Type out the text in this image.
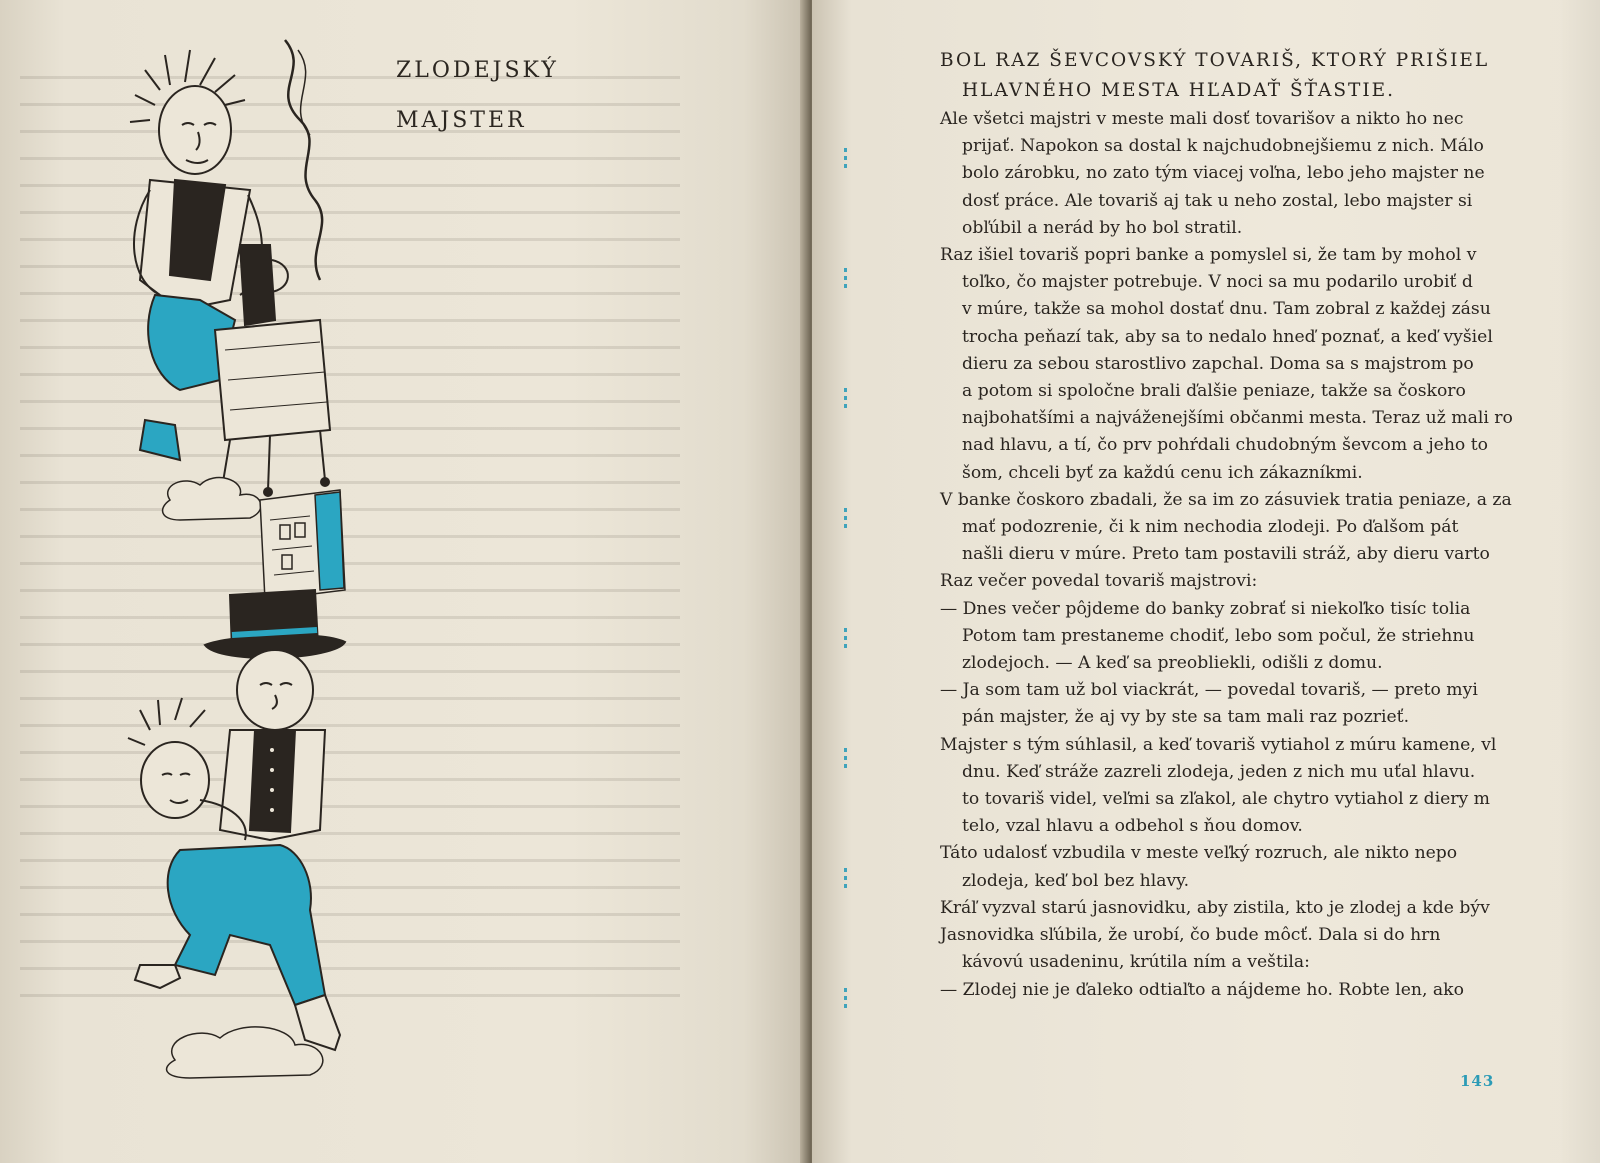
ZLODEJSKÝ
MAJSTER
BOL RAZ ŠEVCOVSKÝ TOVARIŠ, KTORÝ PRIŠIEL
HLAVNÉHO MESTA HĽADAŤ ŠŤASTIE.

Ale všetci majstri v meste mali dosť tovarišov a nikto ho nec
prijať. Napokon sa dostal k najchudobnejšiemu z nich. Málo
bolo zárobku, no zato tým viacej voľna, lebo jeho majster ne
dosť práce. Ale tovariš aj tak u neho zostal, lebo majster si
obľúbil a nerád by ho bol stratil.

Raz išiel tovariš popri banke a pomyslel si, že tam by mohol v
toľko, čo majster potrebuje. V noci sa mu podarilo urobiť d
v múre, takže sa mohol dostať dnu. Tam zobral z každej zásu
trocha peňazí tak, aby sa to nedalo hneď poznať, a keď vyšiel
dieru za sebou starostlivo zapchal. Doma sa s majstrom po
a potom si spoločne brali ďalšie peniaze, takže sa čoskoro
najbohatšími a najváženejšími občanmi mesta. Teraz už mali ro
nad hlavu, a tí, čo prv pohŕdali chudobným ševcom a jeho to
šom, chceli byť za každú cenu ich zákazníkmi.

V banke čoskoro zbadali, že sa im zo zásuviek tratia peniaze, a za
mať podozrenie, či k nim nechodia zlodeji. Po ďalšom pát
našli dieru v múre. Preto tam postavili stráž, aby dieru varto

Raz večer povedal tovariš majstrovi:

— Dnes večer pôjdeme do banky zobrať si niekoľko tisíc tolia
Potom tam prestaneme chodiť, lebo som počul, že striehnu
zlodejoch. — A keď sa preobliekli, odišli z domu.

— Ja som tam už bol viackrát, — povedal tovariš, — preto myi
pán majster, že aj vy by ste sa tam mali raz pozrieť.

Majster s tým súhlasil, a keď tovariš vytiahol z múru kamene, vl
dnu. Keď stráže zazreli zlodeja, jeden z nich mu uťal hlavu.
to tovariš videl, veľmi sa zľakol, ale chytro vytiahol z diery m
telo, vzal hlavu a odbehol s ňou domov.

Táto udalosť vzbudila v meste veľký rozruch, ale nikto nepo
zlodeja, keď bol bez hlavy.

Kráľ vyzval starú jasnovidku, aby zistila, kto je zlodej a kde býv

Jasnovidka sľúbila, že urobí, čo bude môcť. Dala si do hrn
kávovú usadeninu, krútila ním a veštila:

— Zlodej nie je ďaleko odtiaľto a nájdeme ho. Robte len, ako

143
